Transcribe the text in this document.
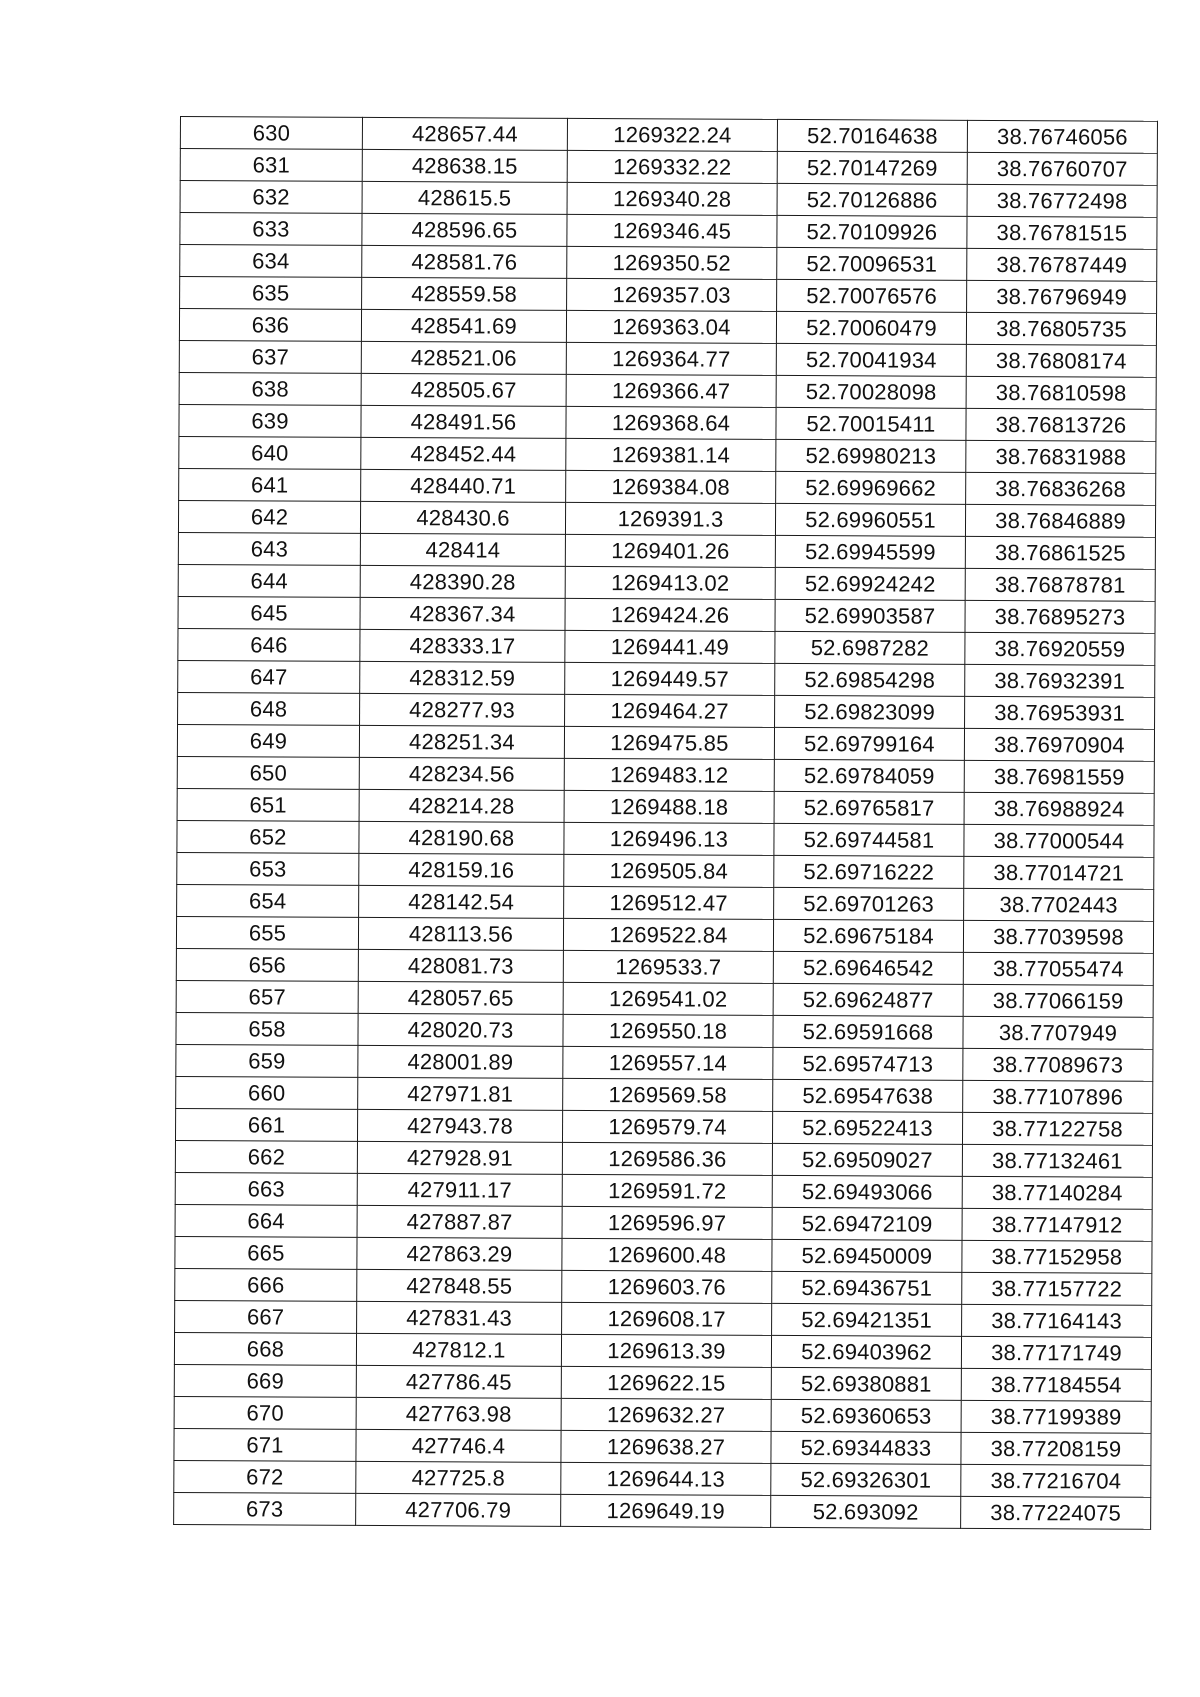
630	428657.44	1269322.24	52.70164638	38.76746056
631	428638.15	1269332.22	52.70147269	38.76760707
632	428615.5	1269340.28	52.70126886	38.76772498
633	428596.65	1269346.45	52.70109926	38.76781515
634	428581.76	1269350.52	52.70096531	38.76787449
635	428559.58	1269357.03	52.70076576	38.76796949
636	428541.69	1269363.04	52.70060479	38.76805735
637	428521.06	1269364.77	52.70041934	38.76808174
638	428505.67	1269366.47	52.70028098	38.76810598
639	428491.56	1269368.64	52.70015411	38.76813726
640	428452.44	1269381.14	52.69980213	38.76831988
641	428440.71	1269384.08	52.69969662	38.76836268
642	428430.6	1269391.3	52.69960551	38.76846889
643	428414	1269401.26	52.69945599	38.76861525
644	428390.28	1269413.02	52.69924242	38.76878781
645	428367.34	1269424.26	52.69903587	38.76895273
646	428333.17	1269441.49	52.6987282	38.76920559
647	428312.59	1269449.57	52.69854298	38.76932391
648	428277.93	1269464.27	52.69823099	38.76953931
649	428251.34	1269475.85	52.69799164	38.76970904
650	428234.56	1269483.12	52.69784059	38.76981559
651	428214.28	1269488.18	52.69765817	38.76988924
652	428190.68	1269496.13	52.69744581	38.77000544
653	428159.16	1269505.84	52.69716222	38.77014721
654	428142.54	1269512.47	52.69701263	38.7702443
655	428113.56	1269522.84	52.69675184	38.77039598
656	428081.73	1269533.7	52.69646542	38.77055474
657	428057.65	1269541.02	52.69624877	38.77066159
658	428020.73	1269550.18	52.69591668	38.7707949
659	428001.89	1269557.14	52.69574713	38.77089673
660	427971.81	1269569.58	52.69547638	38.77107896
661	427943.78	1269579.74	52.69522413	38.77122758
662	427928.91	1269586.36	52.69509027	38.77132461
663	427911.17	1269591.72	52.69493066	38.77140284
664	427887.87	1269596.97	52.69472109	38.77147912
665	427863.29	1269600.48	52.69450009	38.77152958
666	427848.55	1269603.76	52.69436751	38.77157722
667	427831.43	1269608.17	52.69421351	38.77164143
668	427812.1	1269613.39	52.69403962	38.77171749
669	427786.45	1269622.15	52.69380881	38.77184554
670	427763.98	1269632.27	52.69360653	38.77199389
671	427746.4	1269638.27	52.69344833	38.77208159
672	427725.8	1269644.13	52.69326301	38.77216704
673	427706.79	1269649.19	52.693092	38.77224075
